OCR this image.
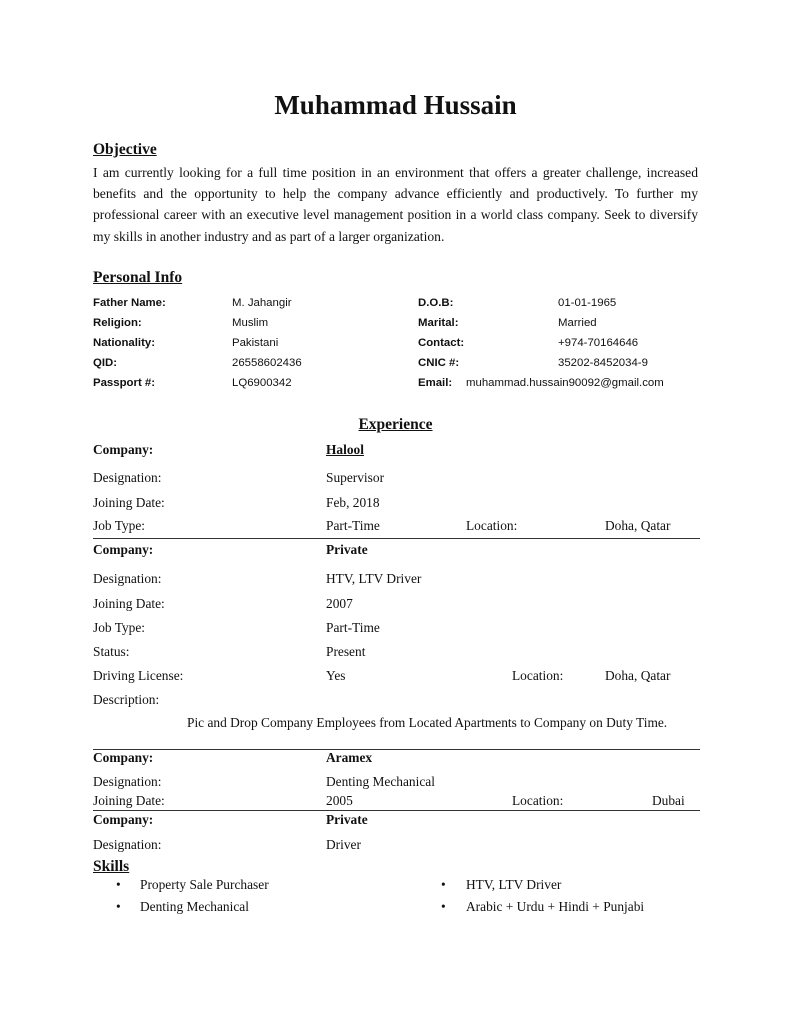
Muhammad Hussain
Objective
I am currently looking for a full time position in an environment that offers a greater challenge, increased benefits and the opportunity to help the company advance efficiently and productively. To further my professional career with an executive level management position in a world class company. Seek to diversify my skills in another industry and as part of a larger organization.
Personal Info
Father Name:	M. Jahangir	D.O.B:	01-01-1965
Religion:	Muslim	Marital:	Married
Nationality:	Pakistani	Contact:	+974-70164646
QID:	26558602436	CNIC #:	35202-8452034-9
Passport #:	LQ6900342	Email: muhammad.hussain90092@gmail.com
Experience
Company:	Halool
Designation:	Supervisor
Joining Date:	Feb, 2018
Job Type:	Part-Time	Location:	Doha, Qatar
Company:	Private
Designation:	HTV, LTV Driver
Joining Date:	2007
Job Type:	Part-Time
Status:	Present
Driving License:	Yes	Location:	Doha, Qatar
Description:
Pic and Drop Company Employees from Located Apartments to Company on Duty Time.
Company:	Aramex
Designation:	Denting Mechanical
Joining Date:	2005	Location:	Dubai
Company:	Private
Designation:	Driver
Skills
• Property Sale Purchaser	• HTV, LTV Driver
• Denting Mechanical	• Arabic + Urdu + Hindi + Punjabi
